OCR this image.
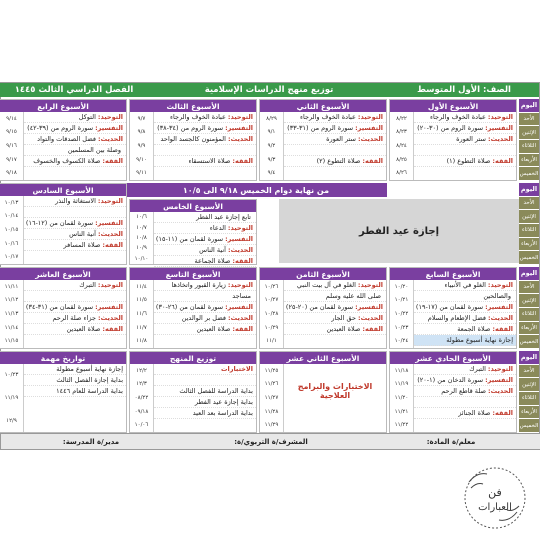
الصف: الأول المتوسط
توزيع منهج الدراسات الإسلامية
الفصل الدراسي الثالث ١٤٤٥
اليوم
الأحد
الإثنين
الثلاثاء
الأربعاء
الخميس
من نهاية دوام الخميس ٩/١٨ الى ١٠/٥
إجازة عيد الفطر
اليوم
الأحد
الإثنين
الثلاثاء
الأربعاء
الخميس
اليوم
الأحد
الإثنين
الثلاثاء
الأربعاء
الخميس
اليوم
الأحد
الإثنين
الثلاثاء
الأربعاء
الخميس
معلم/ة المادة:
المشرف/ة التربوي/ة:
مدير/ة المدرسة:
الأسبوع الأول
٨/٢٢
٨/٢٣
٨/٢٤
٨/٢٥
٨/٢٦
التوحيد:
عبادة الخوف والرجاء
التفسير:
سورة الروم من (٣٠-٢٠)
الحديث:
ستر العورة
الفقه:
صلاة التطوع (١)
الأسبوع الثاني
٨/٢٩
٩/١
٩/٢
٩/٣
٩/٤
التوحيد:
عبادة الخوف والرجاء
التفسير:
سورة الروم من (٣١-٣٣)
الحديث:
ستر العورة
الفقه:
صلاة التطوع (٢)
الأسبوع الثالث
٩/٧
٩/٨
٩/٩
٩/١٠
٩/١١
التوحيد:
عبادة الخوف والرجاء
التفسير:
سورة الروم من (٣٤-٣٨)
الحديث:
المؤمنون كالجسد الواحد
الفقه:
صلاة الاستسقاء
الأسبوع الرابع
٩/١٤
٩/١٥
٩/١٦
٩/١٧
٩/١٨
التوحيد:
التوكل
التفسير:
سورة الروم من (٣٩-٤٢)
الحديث:
فضل الصدقات والتواد
وصلة بين المسلمين
الفقه:
صلاة الكسوف والخسوف
الأسبوع الخامس
١٠/٦
١٠/٧
١٠/٨
١٠/٩
١٠/١٠
تابع إجازة عيد الفطر
التوحيد:
الدعاء
التفسير:
سورة لقمان من (١١-١٥)
الحديث:
آنية الناس
الفقه:
صلاة الجماعة
الأسبوع السادس
١٠/١٣
١٠/١٤
١٠/١٥
١٠/١٦
١٠/١٧
التوحيد:
الاستغاثة والنذر
التفسير:
سورة لقمان من (١٢-١٦)
الحديث:
آنية الناس
الفقه:
صلاة المسافر
الأسبوع السابع
١٠/٢٠
١٠/٢١
١٠/٢٢
١٠/٢٣
١٠/٢٤
التوحيد:
الغلو في الأنبياء
والصالحين
التفسير:
سورة لقمان من (١٧-١٩)
الحديث:
فضل الإطعام والسلام
الفقه:
صلاة الجمعة
إجازة نهاية أسبوع مطولة
الأسبوع الثامن
١٠/٢٦
١٠/٢٧
١٠/٢٨
١٠/٢٩
١١/١
التوحيد:
الغلو في آل بيت النبي
صلى الله عليه وسلم
التفسير:
سورة لقمان من (٢٠-٢٥)
الحديث:
حق الجار
الفقه:
صلاة العيدين
الأسبوع التاسع
١١/٤
١١/٥
١١/٦
١١/٧
١١/٨
التوحيد:
زيارة القبور واتخاذها
مساجد
التفسير:
سورة لقمان من (٢٦-٣٠)
الحديث:
فضل بر الوالدين
الفقه:
صلاة العيدين
الأسبوع العاشر
١١/١١
١١/١٢
١١/١٣
١١/١٤
١١/١٥
التوحيد:
التبرك
التفسير:
سورة لقمان من (٣١-٣٤)
الحديث:
جزاء صلة الرحم
الفقه:
صلاة العيدين
الأسبوع الحادي عشر
١١/١٨
١١/١٩
١١/٢٠
١١/٢١
١١/٢٢
التوحيد:
التبرك
التفسير:
سورة الدخان من (١-٢٠)
الحديث:
صلة قاطع الرحم
الفقه:
صلاة الجنائز
الأسبوع الثاني عشر
١١/٢٥
١١/٢٦
١١/٢٧
١١/٢٨
١١/٢٩
الاختبارات والبرامج العلاجية
توزيع المنهج
١٢/٢
١٢/٣
٠٨/٢٢
٠٩/١٨
١٠/٠٦
الاختبارات
بداية الدراسة للفصل الثالث
بداية إجازة عيد الفطر
بداية الدراسة بعد العيد
تواريخ مهمة
١٠/٢٣
١١/١٩
١٢/٩
إجازة نهاية أسبوع مطولة
بداية إجازة الفصل الثالث
بداية الدراسة للعام ١٤٤٦
فن
العبارات
